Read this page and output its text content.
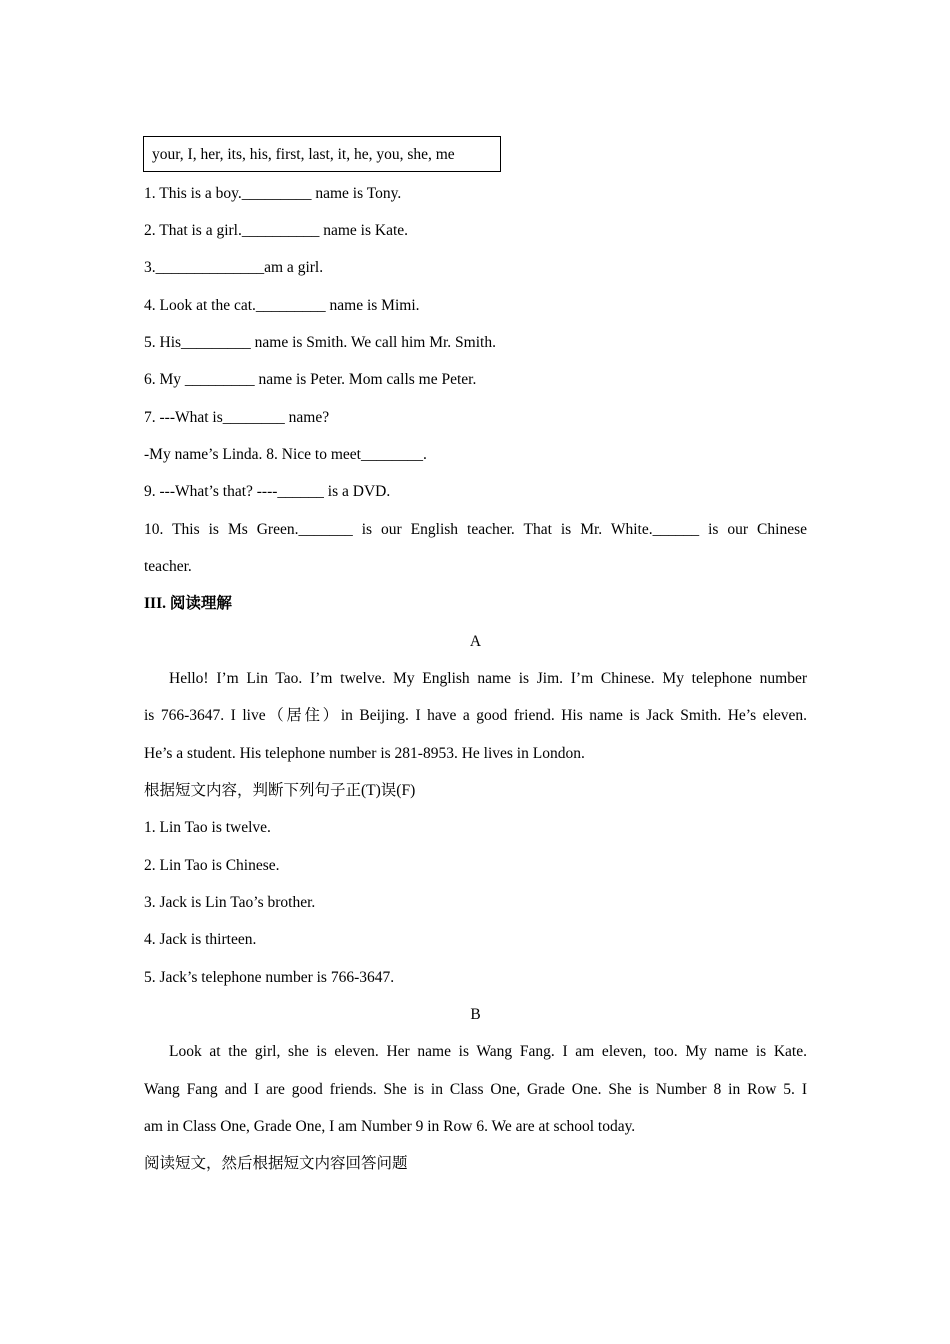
your, I, her, its, his, first, last, it, he, you, she, me
1. This is a boy._________ name is Tony.
2. That is a girl.__________ name is Kate.
3.______________am a girl.
4. Look at the cat._________ name is Mimi.
5. His_________ name is Smith. We call him Mr. Smith.
6. My _________ name is Peter. Mom calls me Peter.
7. ---What is________ name?
-My name’s Linda. 8. Nice to meet________.
9. ---What’s that? ----______ is a DVD.
10. This is Ms Green._______ is our English teacher. That is Mr. White.______ is our Chinese
teacher.
III. 阅读理解
A
Hello! I’m Lin Tao. I’m twelve. My English name is Jim. I’m Chinese. My telephone number
is 766-3647. I live（居住）in Beijing. I have a good friend. His name is Jack Smith. He’s eleven.
He’s a student. His telephone number is 281-8953. He lives in London.
根据短文内容，判断下列句子正(T)误(F)
1. Lin Tao is twelve.
2. Lin Tao is Chinese.
3. Jack is Lin Tao’s brother.
4. Jack is thirteen.
5. Jack’s telephone number is 766-3647.
B
Look at the girl, she is eleven. Her name is Wang Fang. I am eleven, too. My name is Kate.
Wang Fang and I are good friends. She is in Class One, Grade One. She is Number 8 in Row 5. I
am in Class One, Grade One, I am Number 9 in Row 6. We are at school today.
阅读短文，然后根据短文内容回答问题
